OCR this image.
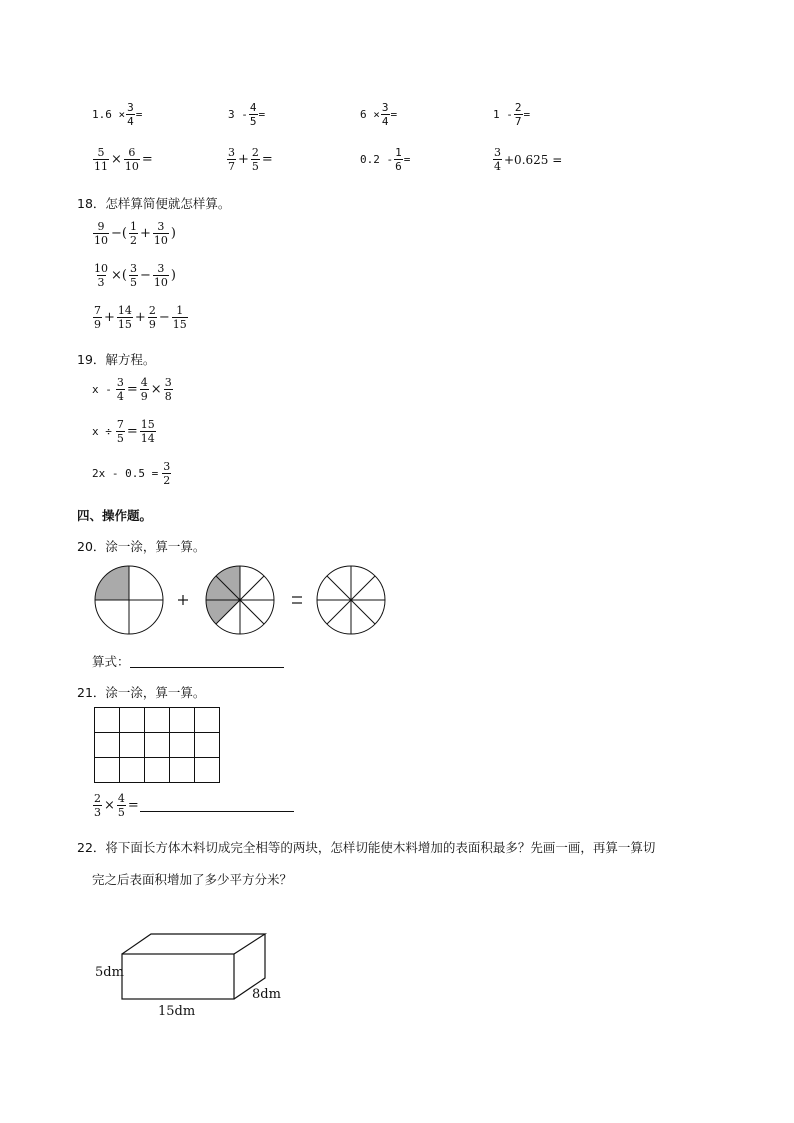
$1.6 \times \frac{3}{4}$ =	$3 - \frac{4}{5}$ =	$6 \times \frac{3}{4}$ =	$1 - \frac{2}{7}$ =
$\frac{5}{11} \times \frac{6}{10}$ =	$\frac{3}{7} + \frac{2}{5}$ =	$0.2 - \frac{1}{6}$ =	$\frac{3}{4} +0.625$ =
18．怎样算简便就怎样算。
$\frac{9}{10}$ −( $\frac{1}{2} + \frac{3}{10}$ )
$\frac{10}{3}$ ×( $\frac{3}{5} - \frac{3}{10}$ )
$\frac{7}{9} + \frac{14}{15} + \frac{2}{9} - \frac{1}{15}$
19．解方程。
$x - \frac{3}{4} = \frac{4}{9} \times \frac{3}{8}$
$x \div \frac{7}{5} = \frac{15}{14}$
$2x - 0.5 = \frac{3}{2}$
四、操作题。
20．涂一涂，算一算。
算式：
21．涂一涂，算一算。

$\frac{2}{3} \times \frac{4}{5}$ =
22．将下面长方体木料切成完全相等的两块，怎样切能使木料增加的表面积最多？先画一画，再算一算切
完之后表面积增加了多少平方分米？
5dm
15dm
8dm
